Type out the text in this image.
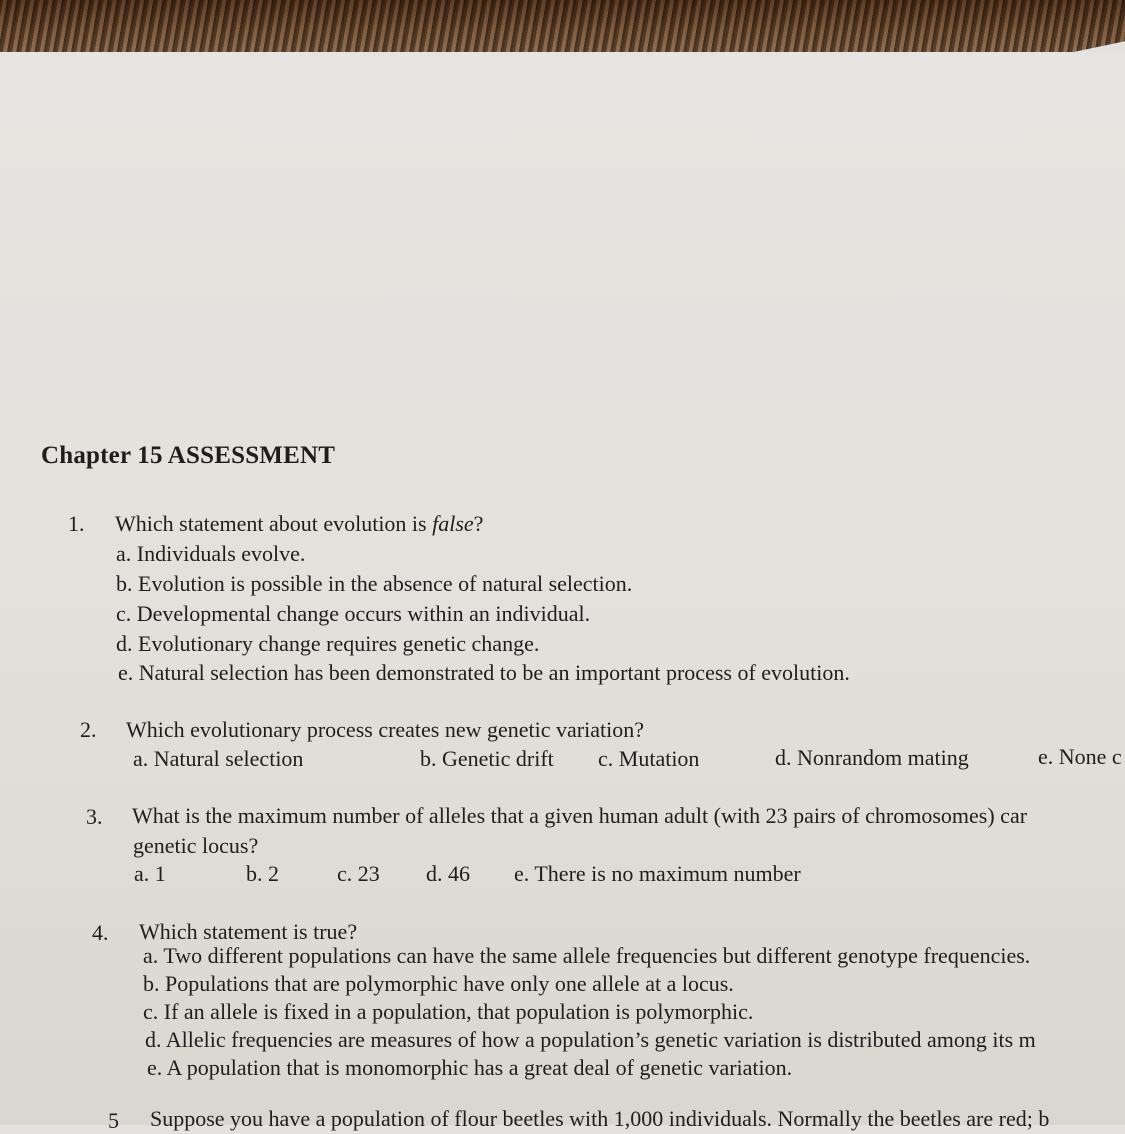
Chapter 15 ASSESSMENT
1. Which statement about evolution is false?
a. Individuals evolve.
b. Evolution is possible in the absence of natural selection.
c. Developmental change occurs within an individual.
d. Evolutionary change requires genetic change.
e. Natural selection has been demonstrated to be an important process of evolution.
2. Which evolutionary process creates new genetic variation?
a. Natural selection	b. Genetic drift c. Mutation	d. Nonrandom mating	e. None c
3. What is the maximum number of alleles that a given human adult (with 23 pairs of chromosomes) car
genetic locus?
a. 1	b. 2	c. 23 d. 46 e. There is no maximum number
4. Which statement is true?
a. Two different populations can have the same allele frequencies but different genotype frequencies.
b. Populations that are polymorphic have only one allele at a locus.
c. If an allele is fixed in a population, that population is polymorphic.
d. Allelic frequencies are measures of how a population’s genetic variation is distributed among its m
e. A population that is monomorphic has a great deal of genetic variation.
5 Suppose you have a population of flour beetles with 1,000 individuals. Normally the beetles are red; b
